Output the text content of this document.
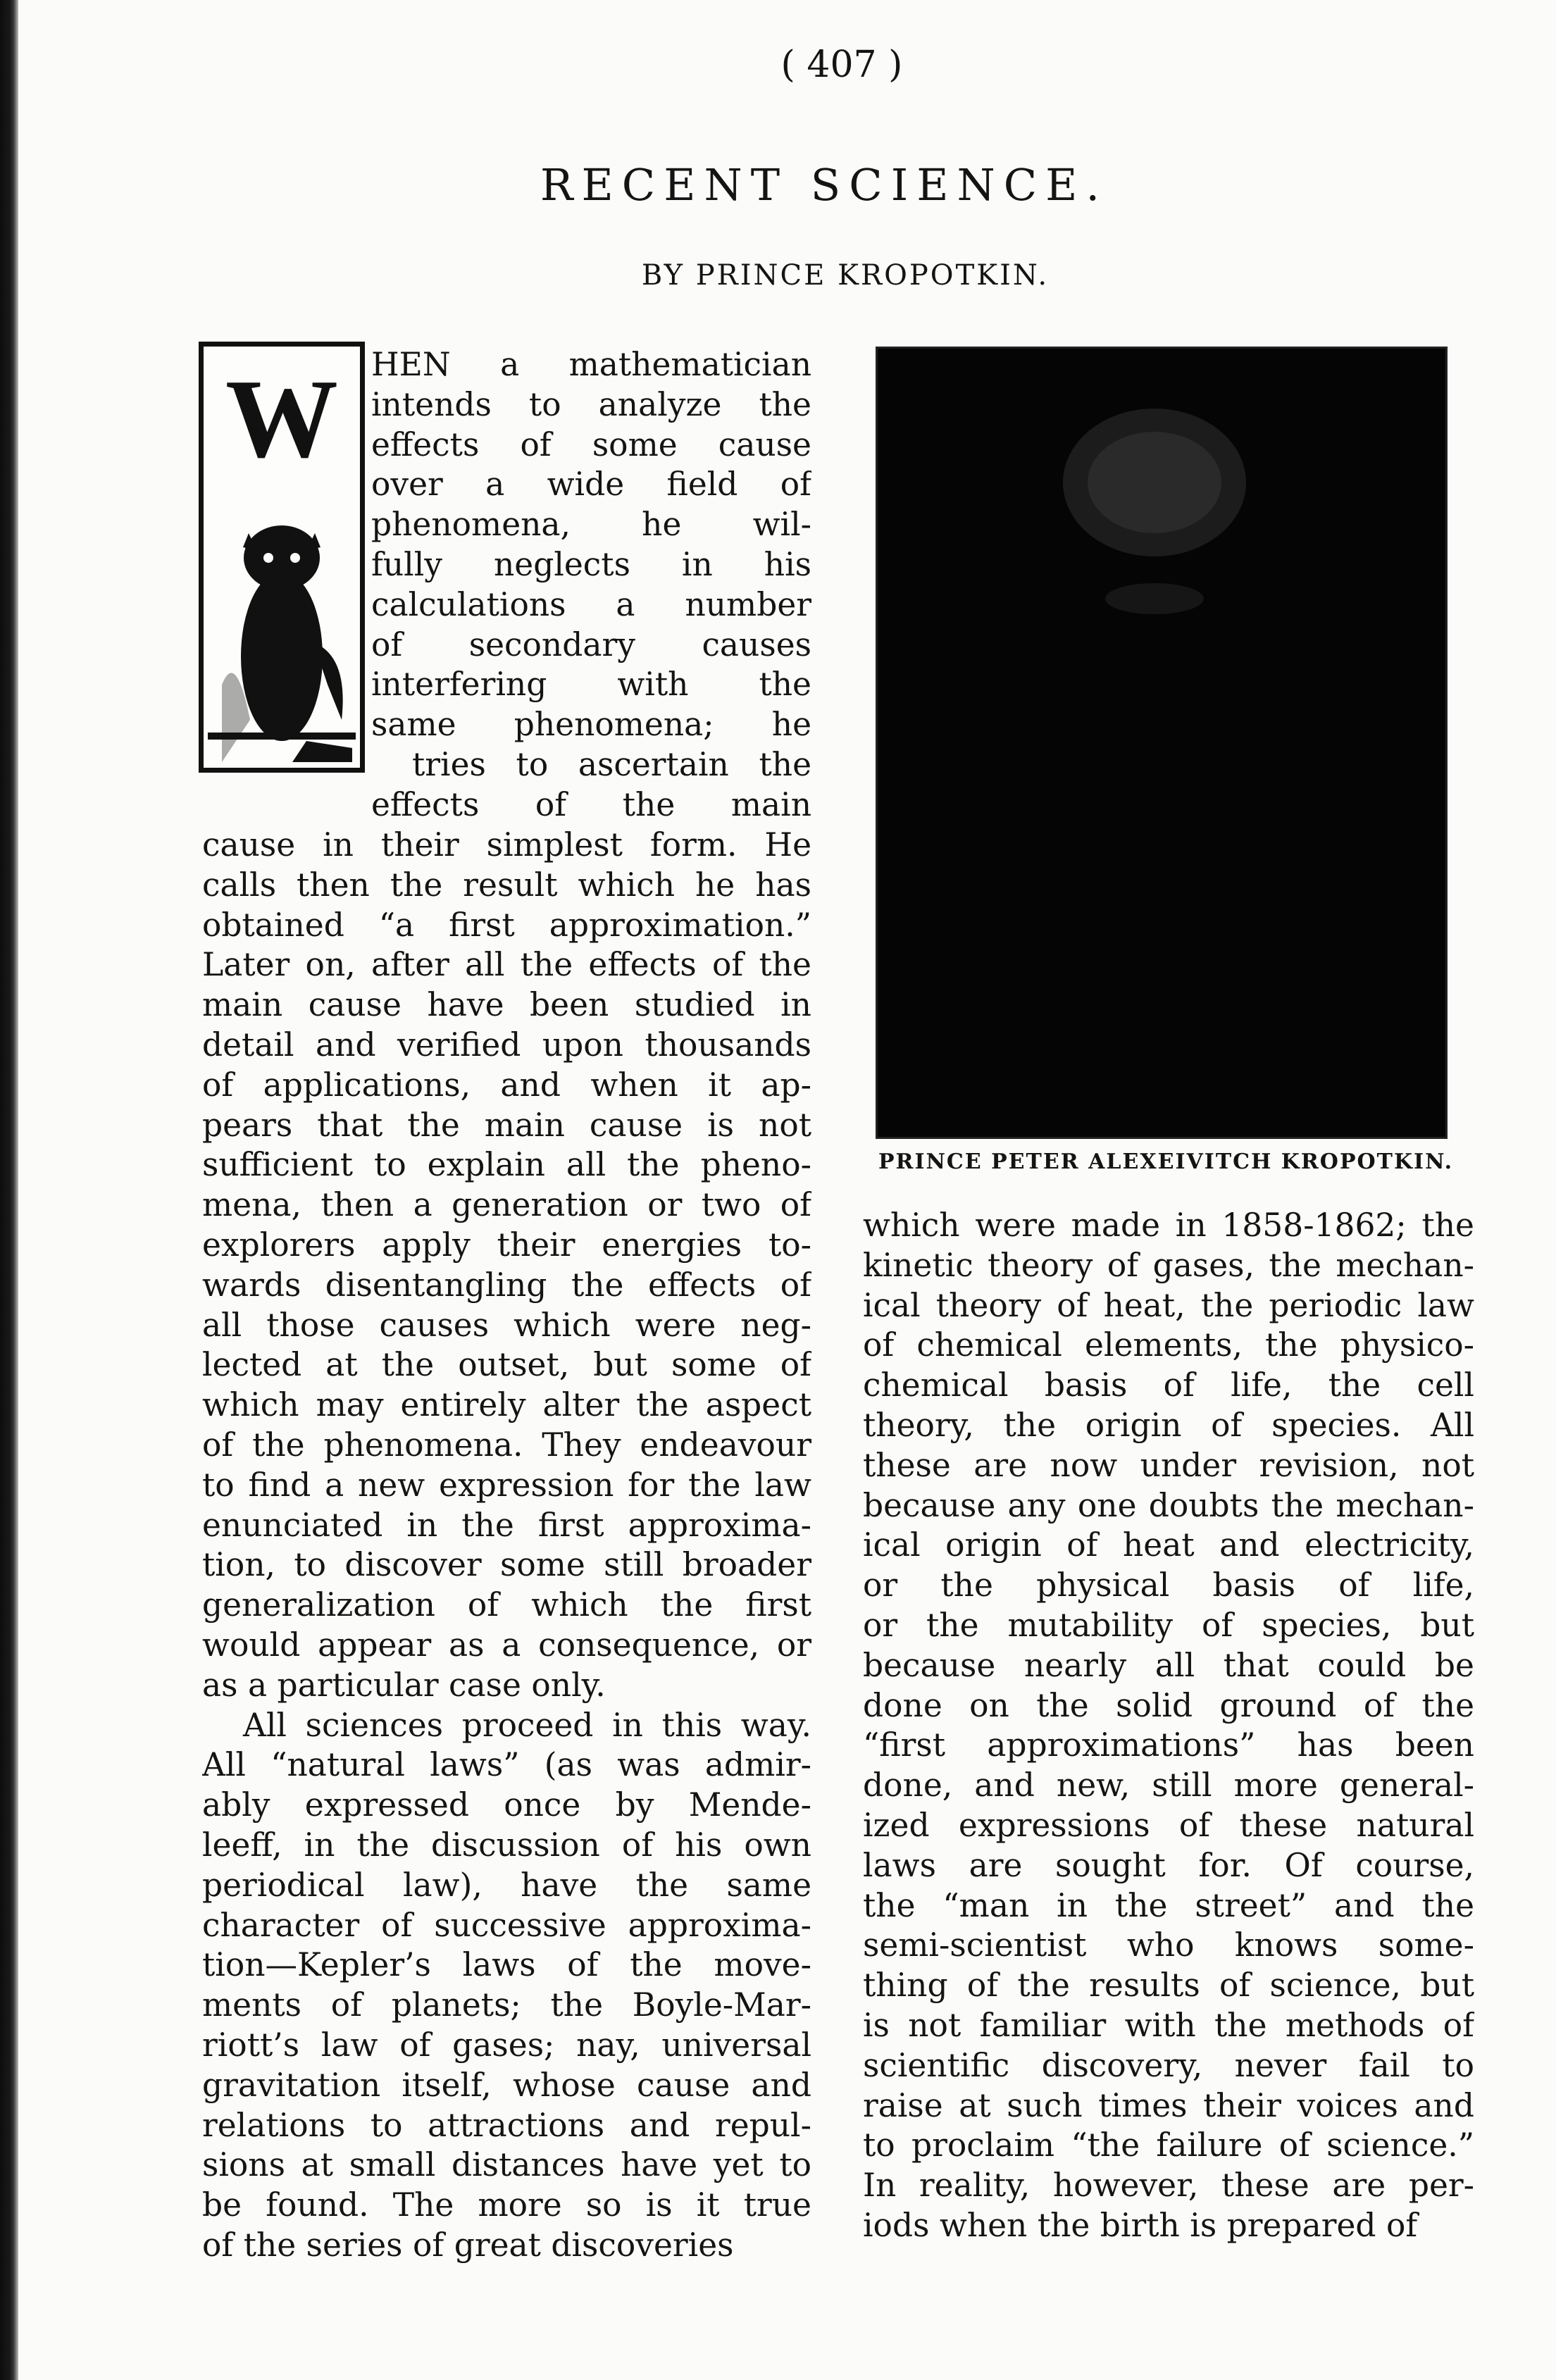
( 407 )
RECENT SCIENCE.
BY PRINCE KROPOTKIN.
W
PRINCE PETER ALEXEIVITCH KROPOTKIN.
HEN a mathematician
intends to analyze the
effects of some cause
over a wide field of
phenomena, he wil-
fully neglects in his
calculations a number
of secondary causes
interfering with the
same phenomena; he
tries to ascertain the
effects of the main
cause in their simplest form. He
calls then the result which he has
obtained “a first approximation.”
Later on, after all the effects of the
main cause have been studied in
detail and verified upon thousands
of applications, and when it ap-
pears that the main cause is not
sufficient to explain all the pheno-
mena, then a generation or two of
explorers apply their energies to-
wards disentangling the effects of
all those causes which were neg-
lected at the outset, but some of
which may entirely alter the aspect
of the phenomena. They endeavour
to find a new expression for the law
enunciated in the first approxima-
tion, to discover some still broader
generalization of which the first
would appear as a consequence, or
as a particular case only.
All sciences proceed in this way.
All “natural laws” (as was admir-
ably expressed once by Mende-
leeff, in the discussion of his own
periodical law), have the same
character of successive approxima-
tion—Kepler’s laws of the move-
ments of planets; the Boyle-Mar-
riott’s law of gases; nay, universal
gravitation itself, whose cause and
relations to attractions and repul-
sions at small distances have yet to
be found. The more so is it true
of the series of great discoveries
which were made in 1858-1862; the
kinetic theory of gases, the mechan-
ical theory of heat, the periodic law
of chemical elements, the physico-
chemical basis of life, the cell
theory, the origin of species. All
these are now under revision, not
because any one doubts the mechan-
ical origin of heat and electricity,
or the physical basis of life,
or the mutability of species, but
because nearly all that could be
done on the solid ground of the
“first approximations” has been
done, and new, still more general-
ized expressions of these natural
laws are sought for. Of course,
the “man in the street” and the
semi-scientist who knows some-
thing of the results of science, but
is not familiar with the methods of
scientific discovery, never fail to
raise at such times their voices and
to proclaim “the failure of science.”
In reality, however, these are per-
iods when the birth is prepared of
